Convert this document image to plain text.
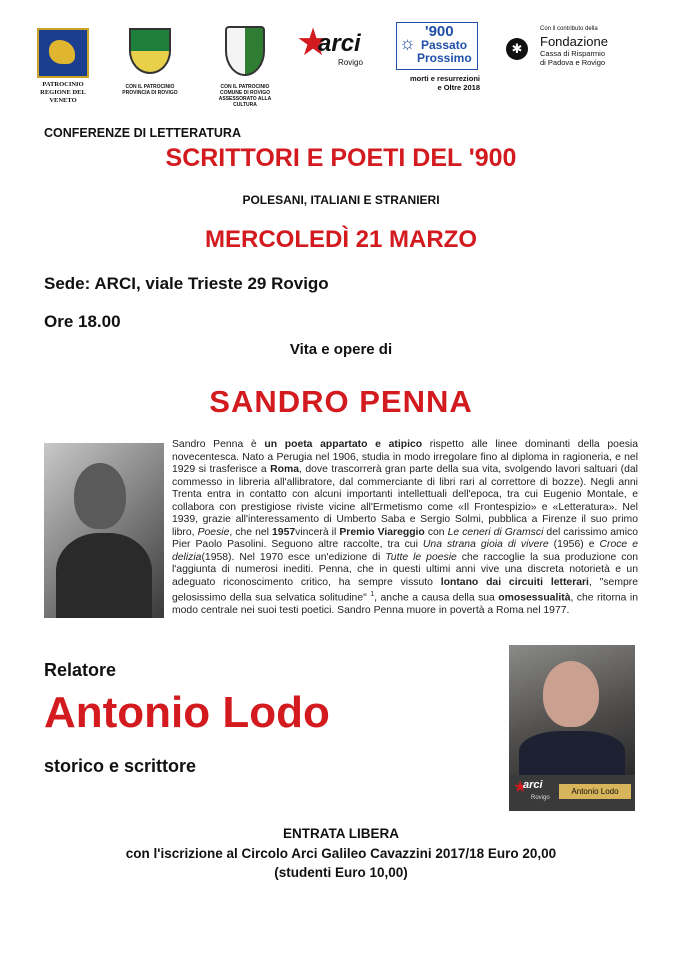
PATROCINIO
REGIONE DEL VENETO
CON IL PATROCINIO
PROVINCIA DI ROVIGO
CON IL PATROCINIO
COMUNE DI ROVIGO
ASSESSORATO ALLA CULTURA
★
arci
Rovigo
☼
'900
Passato
Prossimo
morti e resurrezioni
e Oltre 2018
Con il contributo della
✱	Fondazione
Cassa di Risparmio
di Padova e Rovigo
CONFERENZE DI LETTERATURA
SCRITTORI E POETI DEL '900
POLESANI, ITALIANI E STRANIERI
MERCOLEDÌ 21 MARZO
Sede: ARCI, viale Trieste 29 Rovigo
Ore 18.00
Vita e opere di
SANDRO PENNA
Sandro Penna è un poeta appartato e atipico rispetto alle linee dominanti della poesia novecentesca. Nato a Perugia nel 1906, studia in modo irregolare fino al diploma in ragioneria, e nel 1929 si trasferisce a Roma, dove trascorrerà gran parte della sua vita, svolgendo lavori saltuari (dal commesso in libreria all'allibratore, dal commerciante di libri rari al correttore di bozze). Negli anni Trenta entra in contatto con alcuni importanti intellettuali dell'epoca, tra cui Eugenio Montale, e collabora con prestigiose riviste vicine all'Ermetismo come «Il Frontespizio» e «Letteratura». Nel 1939, grazie all'interessamento di Umberto Saba e Sergio Solmi, pubblica a Firenze il suo primo libro, Poesie, che nel 1957vincerà il Premio Viareggio con Le ceneri di Gramsci del carissimo amico Pier Paolo Pasolini. Seguono altre raccolte, tra cui Una strana gioia di vivere (1956) e Croce e delizia(1958). Nel 1970 esce un'edizione di Tutte le poesie che raccoglie la sua produzione con l'aggiunta di numerosi inediti. Penna, che in questi ultimi anni vive una discreta notorietà e un adeguato riconoscimento critico, ha sempre vissuto lontano dai circuiti letterari, "sempre gelosissimo della sua selvatica solitudine" $^1$, anche a causa della sua omosessualità, che ritorna in modo centrale nei suoi testi poetici. Sandro Penna muore in povertà a Roma nel 1977.
Relatore
Antonio Lodo
storico e scrittore
★
arci
Rovigo
Antonio Lodo
ENTRATA LIBERA
con l'iscrizione al Circolo Arci Galileo Cavazzini 2017/18 Euro 20,00
(studenti Euro 10,00)
